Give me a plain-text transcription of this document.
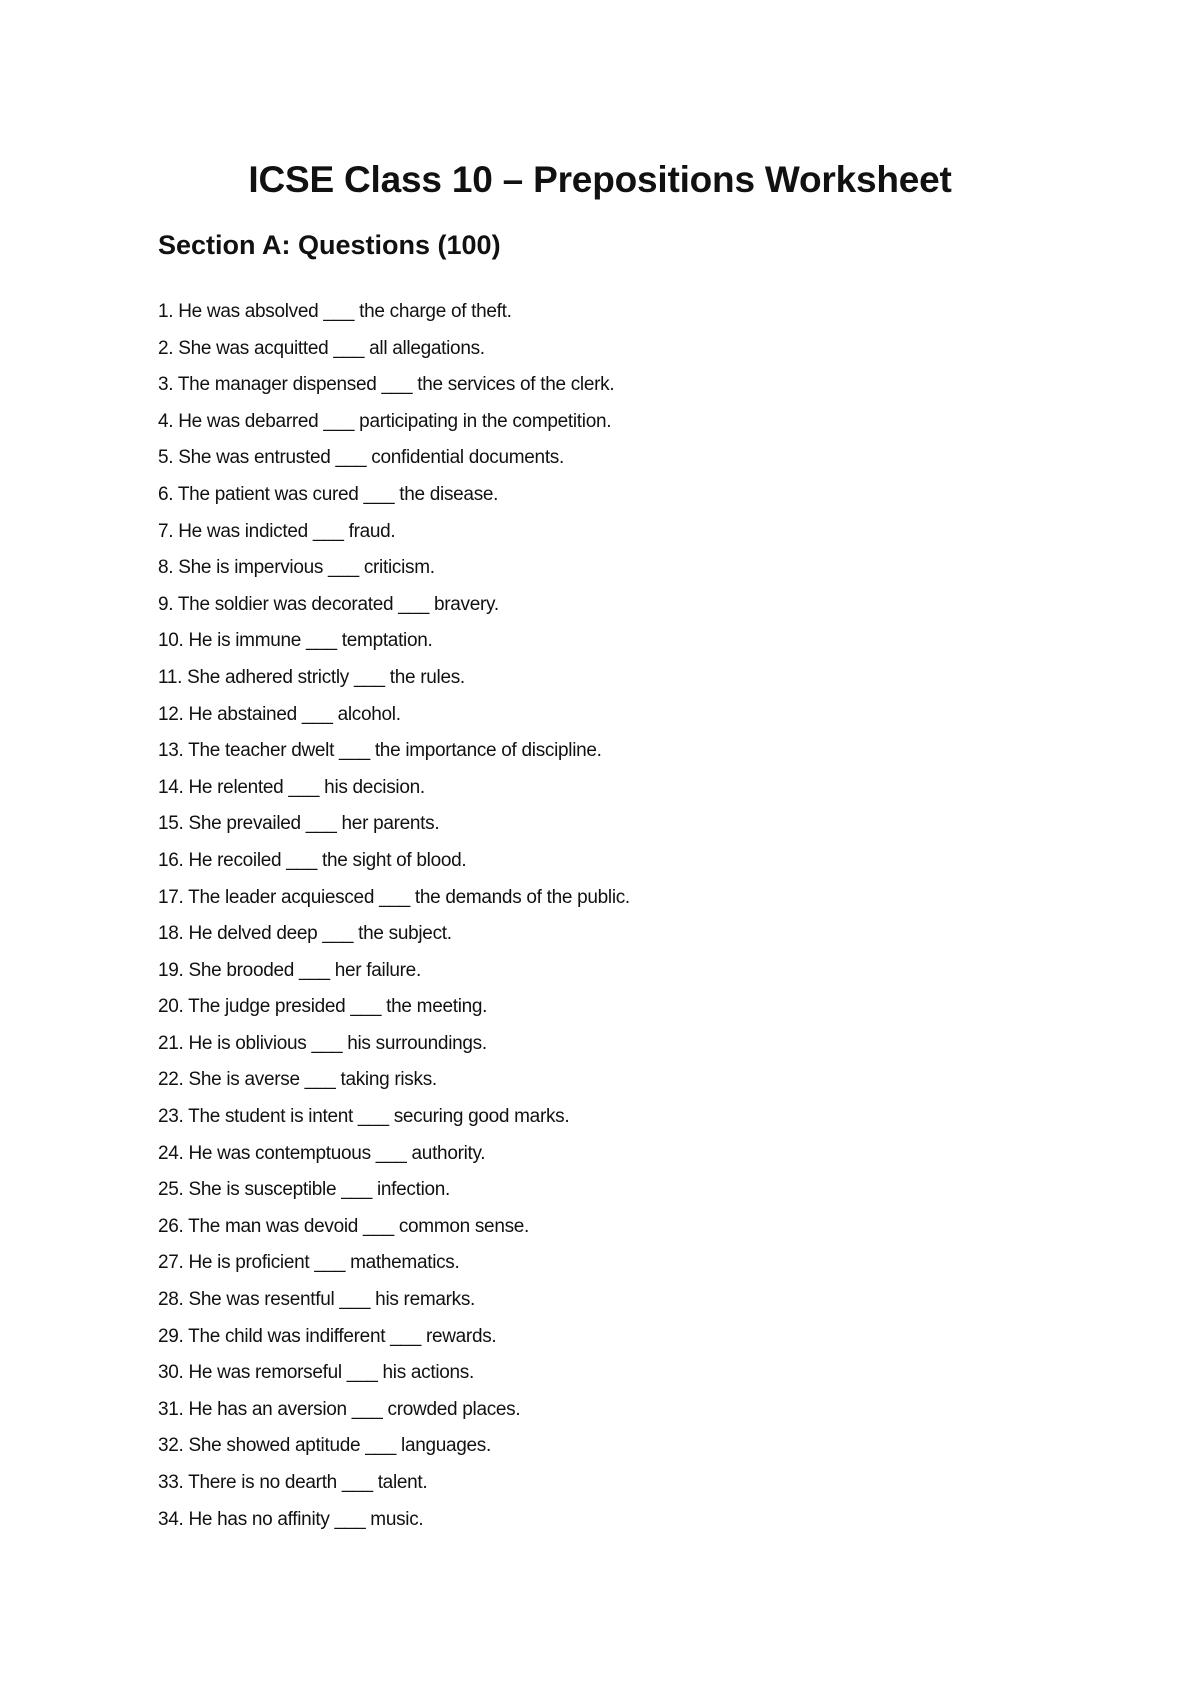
ICSE Class 10 – Prepositions Worksheet
Section A: Questions (100)
1. He was absolved ___ the charge of theft.
2. She was acquitted ___ all allegations.
3. The manager dispensed ___ the services of the clerk.
4. He was debarred ___ participating in the competition.
5. She was entrusted ___ confidential documents.
6. The patient was cured ___ the disease.
7. He was indicted ___ fraud.
8. She is impervious ___ criticism.
9. The soldier was decorated ___ bravery.
10. He is immune ___ temptation.
11. She adhered strictly ___ the rules.
12. He abstained ___ alcohol.
13. The teacher dwelt ___ the importance of discipline.
14. He relented ___ his decision.
15. She prevailed ___ her parents.
16. He recoiled ___ the sight of blood.
17. The leader acquiesced ___ the demands of the public.
18. He delved deep ___ the subject.
19. She brooded ___ her failure.
20. The judge presided ___ the meeting.
21. He is oblivious ___ his surroundings.
22. She is averse ___ taking risks.
23. The student is intent ___ securing good marks.
24. He was contemptuous ___ authority.
25. She is susceptible ___ infection.
26. The man was devoid ___ common sense.
27. He is proficient ___ mathematics.
28. She was resentful ___ his remarks.
29. The child was indifferent ___ rewards.
30. He was remorseful ___ his actions.
31. He has an aversion ___ crowded places.
32. She showed aptitude ___ languages.
33. There is no dearth ___ talent.
34. He has no affinity ___ music.
